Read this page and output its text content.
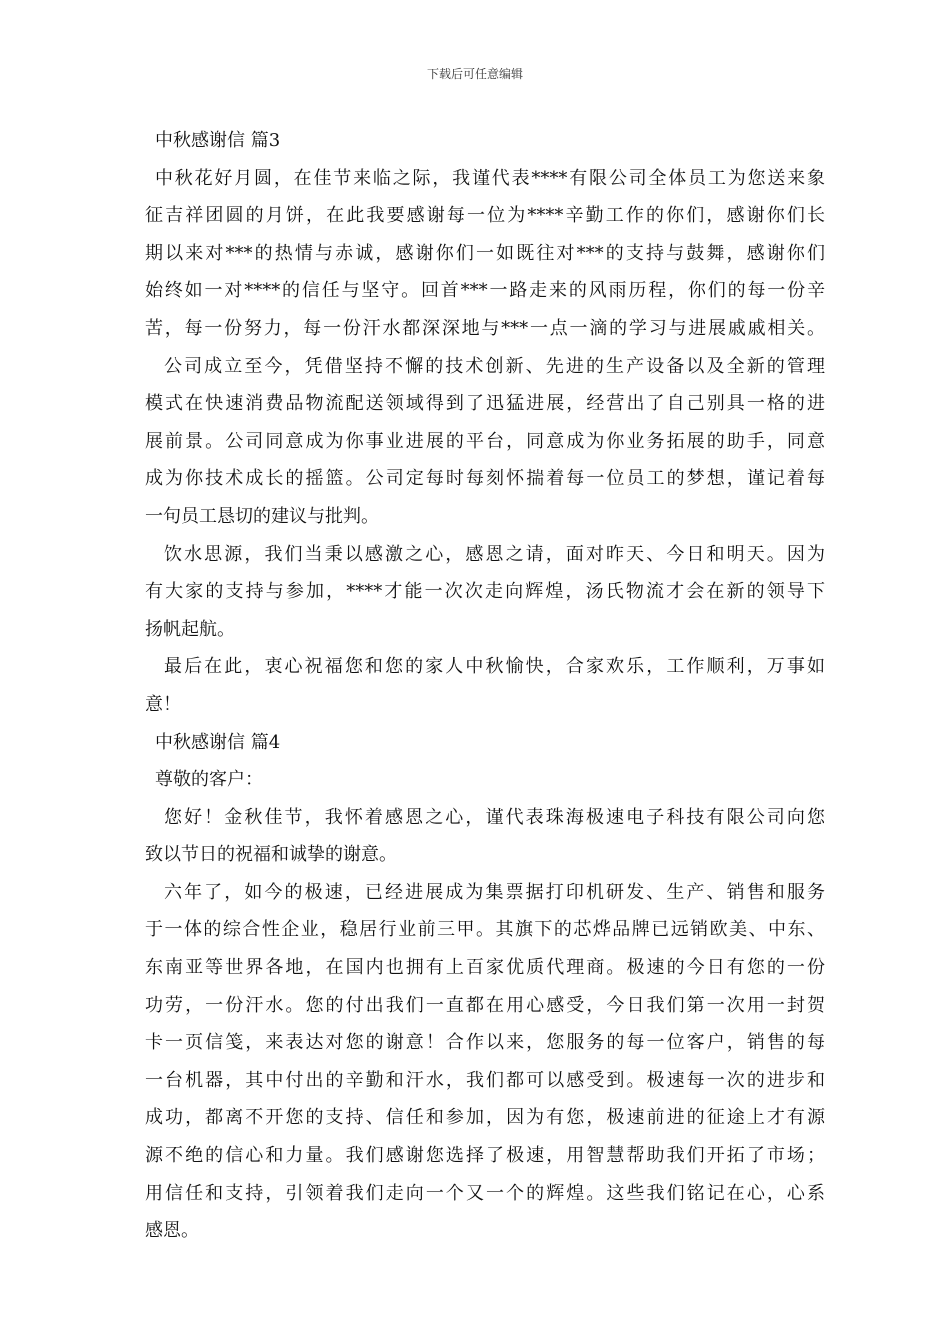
下载后可任意编辑
中秋感谢信 篇3
中秋花好月圆，在佳节来临之际，我谨代表****有限公司全体员工为您送来象
征吉祥团圆的月饼，在此我要感谢每一位为****辛勤工作的你们，感谢你们长
期以来对***的热情与赤诚，感谢你们一如既往对***的支持与鼓舞，感谢你们
始终如一对****的信任与坚守。回首***一路走来的风雨历程，你们的每一份辛
苦，每一份努力，每一份汗水都深深地与***一点一滴的学习与进展戚戚相关。
公司成立至今，凭借坚持不懈的技术创新、先进的生产设备以及全新的管理
模式在快速消费品物流配送领域得到了迅猛进展，经营出了自己别具一格的进
展前景。公司同意成为你事业进展的平台，同意成为你业务拓展的助手，同意
成为你技术成长的摇篮。公司定每时每刻怀揣着每一位员工的梦想，谨记着每
一句员工恳切的建议与批判。
饮水思源，我们当秉以感激之心，感恩之请，面对昨天、今日和明天。因为
有大家的支持与参加，****才能一次次走向辉煌，汤氏物流才会在新的领导下
扬帆起航。
最后在此，衷心祝福您和您的家人中秋愉快，合家欢乐，工作顺利，万事如
意！
中秋感谢信 篇4
尊敬的客户：
您好！金秋佳节，我怀着感恩之心，谨代表珠海极速电子科技有限公司向您
致以节日的祝福和诚挚的谢意。
六年了，如今的极速，已经进展成为集票据打印机研发、生产、销售和服务
于一体的综合性企业，稳居行业前三甲。其旗下的芯烨品牌已远销欧美、中东、
东南亚等世界各地，在国内也拥有上百家优质代理商。极速的今日有您的一份
功劳，一份汗水。您的付出我们一直都在用心感受，今日我们第一次用一封贺
卡一页信笺，来表达对您的谢意！合作以来，您服务的每一位客户，销售的每
一台机器，其中付出的辛勤和汗水，我们都可以感受到。极速每一次的进步和
成功，都离不开您的支持、信任和参加，因为有您，极速前进的征途上才有源
源不绝的信心和力量。我们感谢您选择了极速，用智慧帮助我们开拓了市场；
用信任和支持，引领着我们走向一个又一个的辉煌。这些我们铭记在心，心系
感恩。
